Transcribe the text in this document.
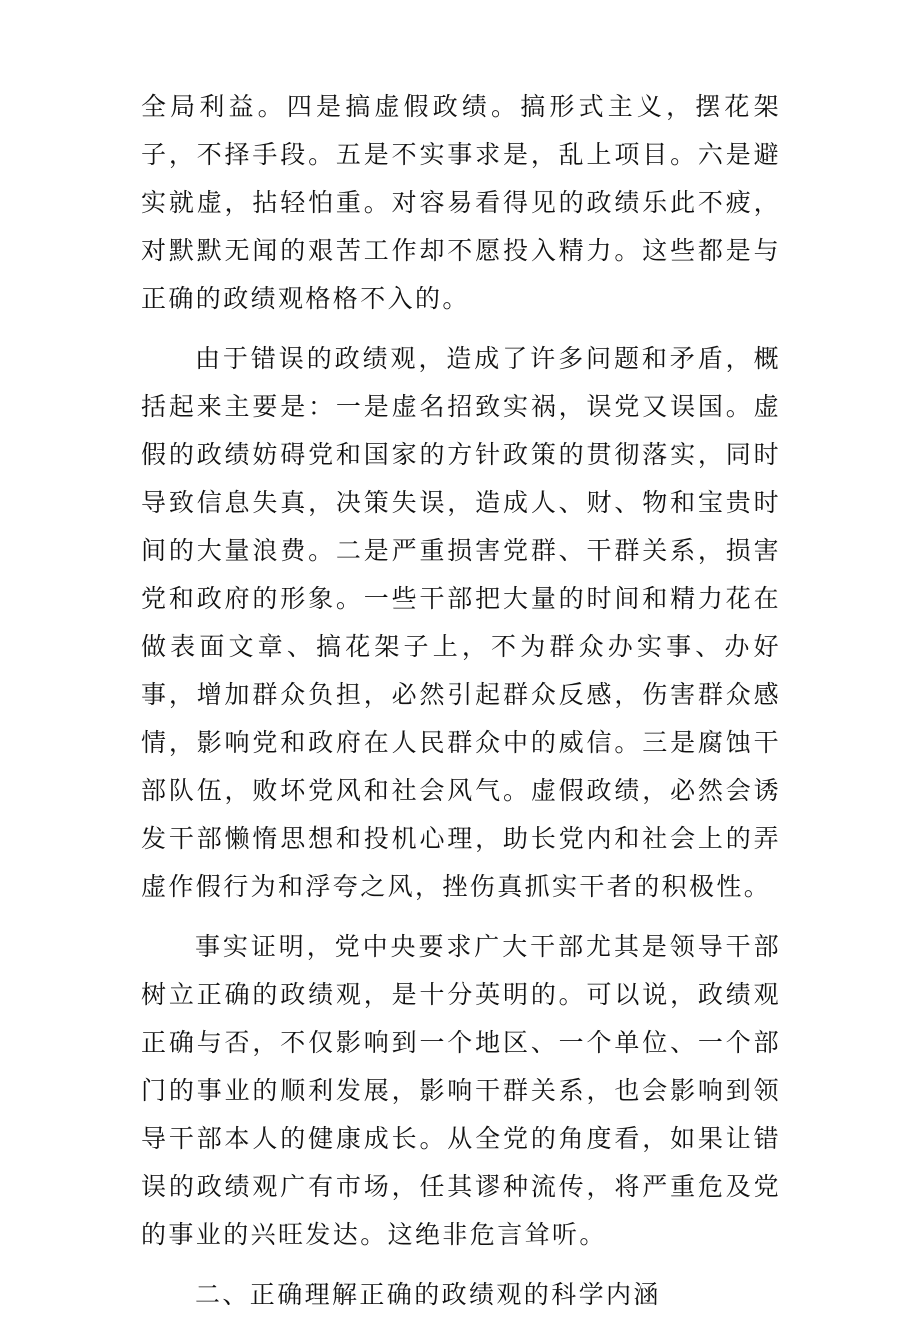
全局利益。四是搞虚假政绩。搞形式主义，摆花架子，不择手段。五是不实事求是，乱上项目。六是避实就虚，拈轻怕重。对容易看得见的政绩乐此不疲，对默默无闻的艰苦工作却不愿投入精力。这些都是与正确的政绩观格格不入的。

由于错误的政绩观，造成了许多问题和矛盾，概括起来主要是：一是虚名招致实祸，误党又误国。虚假的政绩妨碍党和国家的方针政策的贯彻落实，同时导致信息失真，决策失误，造成人、财、物和宝贵时间的大量浪费。二是严重损害党群、干群关系，损害党和政府的形象。一些干部把大量的时间和精力花在做表面文章、搞花架子上，不为群众办实事、办好事，增加群众负担，必然引起群众反感，伤害群众感情，影响党和政府在人民群众中的威信。三是腐蚀干部队伍，败坏党风和社会风气。虚假政绩，必然会诱发干部懒惰思想和投机心理，助长党内和社会上的弄虚作假行为和浮夸之风，挫伤真抓实干者的积极性。

事实证明，党中央要求广大干部尤其是领导干部树立正确的政绩观，是十分英明的。可以说，政绩观正确与否，不仅影响到一个地区、一个单位、一个部门的事业的顺利发展，影响干群关系，也会影响到领导干部本人的健康成长。从全党的角度看，如果让错误的政绩观广有市场，任其谬种流传，将严重危及党的事业的兴旺发达。这绝非危言耸听。

二、正确理解正确的政绩观的科学内涵
